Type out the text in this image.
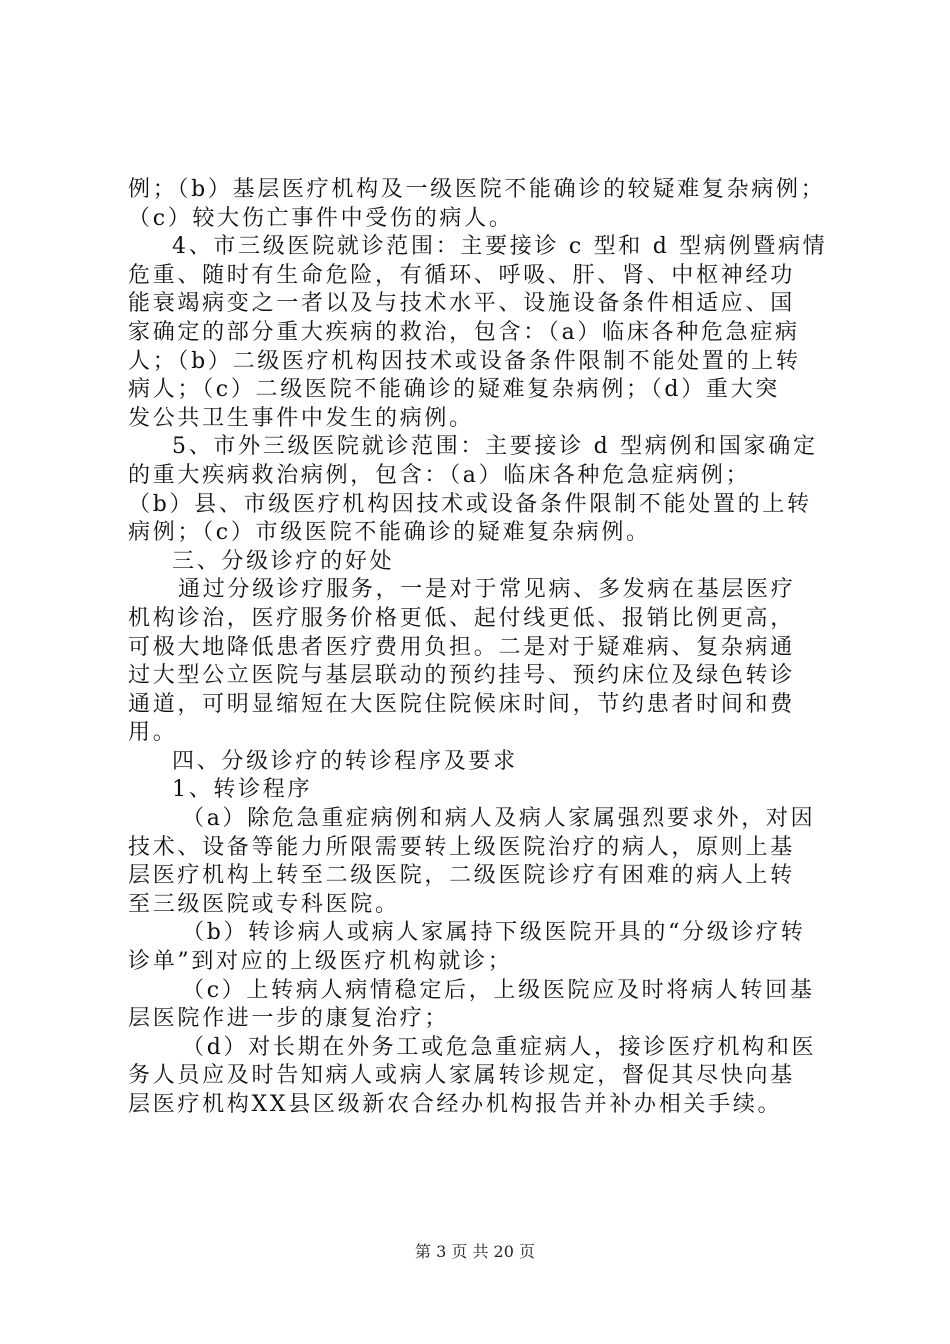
例；（b）基层医疗机构及一级医院不能确诊的较疑难复杂病例；
（c）较大伤亡事件中受伤的病人。
4、市三级医院就诊范围：主要接诊 c 型和 d 型病例暨病情
危重、随时有生命危险，有循环、呼吸、肝、肾、中枢神经功
能衰竭病变之一者以及与技术水平、设施设备条件相适应、国
家确定的部分重大疾病的救治，包含：（a）临床各种危急症病
人；（b）二级医疗机构因技术或设备条件限制不能处置的上转
病人；（c）二级医院不能确诊的疑难复杂病例；（d）重大突
发公共卫生事件中发生的病例。
5、市外三级医院就诊范围：主要接诊 d 型病例和国家确定
的重大疾病救治病例，包含：（a）临床各种危急症病例；
（b）县、市级医疗机构因技术或设备条件限制不能处置的上转
病例；（c）市级医院不能确诊的疑难复杂病例。
三、分级诊疗的好处
通过分级诊疗服务，一是对于常见病、多发病在基层医疗
机构诊治，医疗服务价格更低、起付线更低、报销比例更高，
可极大地降低患者医疗费用负担。二是对于疑难病、复杂病通
过大型公立医院与基层联动的预约挂号、预约床位及绿色转诊
通道，可明显缩短在大医院住院候床时间，节约患者时间和费
用。
四、分级诊疗的转诊程序及要求
1、转诊程序
（a）除危急重症病例和病人及病人家属强烈要求外，对因
技术、设备等能力所限需要转上级医院治疗的病人，原则上基
层医疗机构上转至二级医院，二级医院诊疗有困难的病人上转
至三级医院或专科医院。
（b）转诊病人或病人家属持下级医院开具的“分级诊疗转
诊单”到对应的上级医疗机构就诊；
（c）上转病人病情稳定后，上级医院应及时将病人转回基
层医院作进一步的康复治疗；
（d）对长期在外务工或危急重症病人，接诊医疗机构和医
务人员应及时告知病人或病人家属转诊规定，督促其尽快向基
层医疗机构XX县区级新农合经办机构报告并补办相关手续。
第 3 页 共 20 页
